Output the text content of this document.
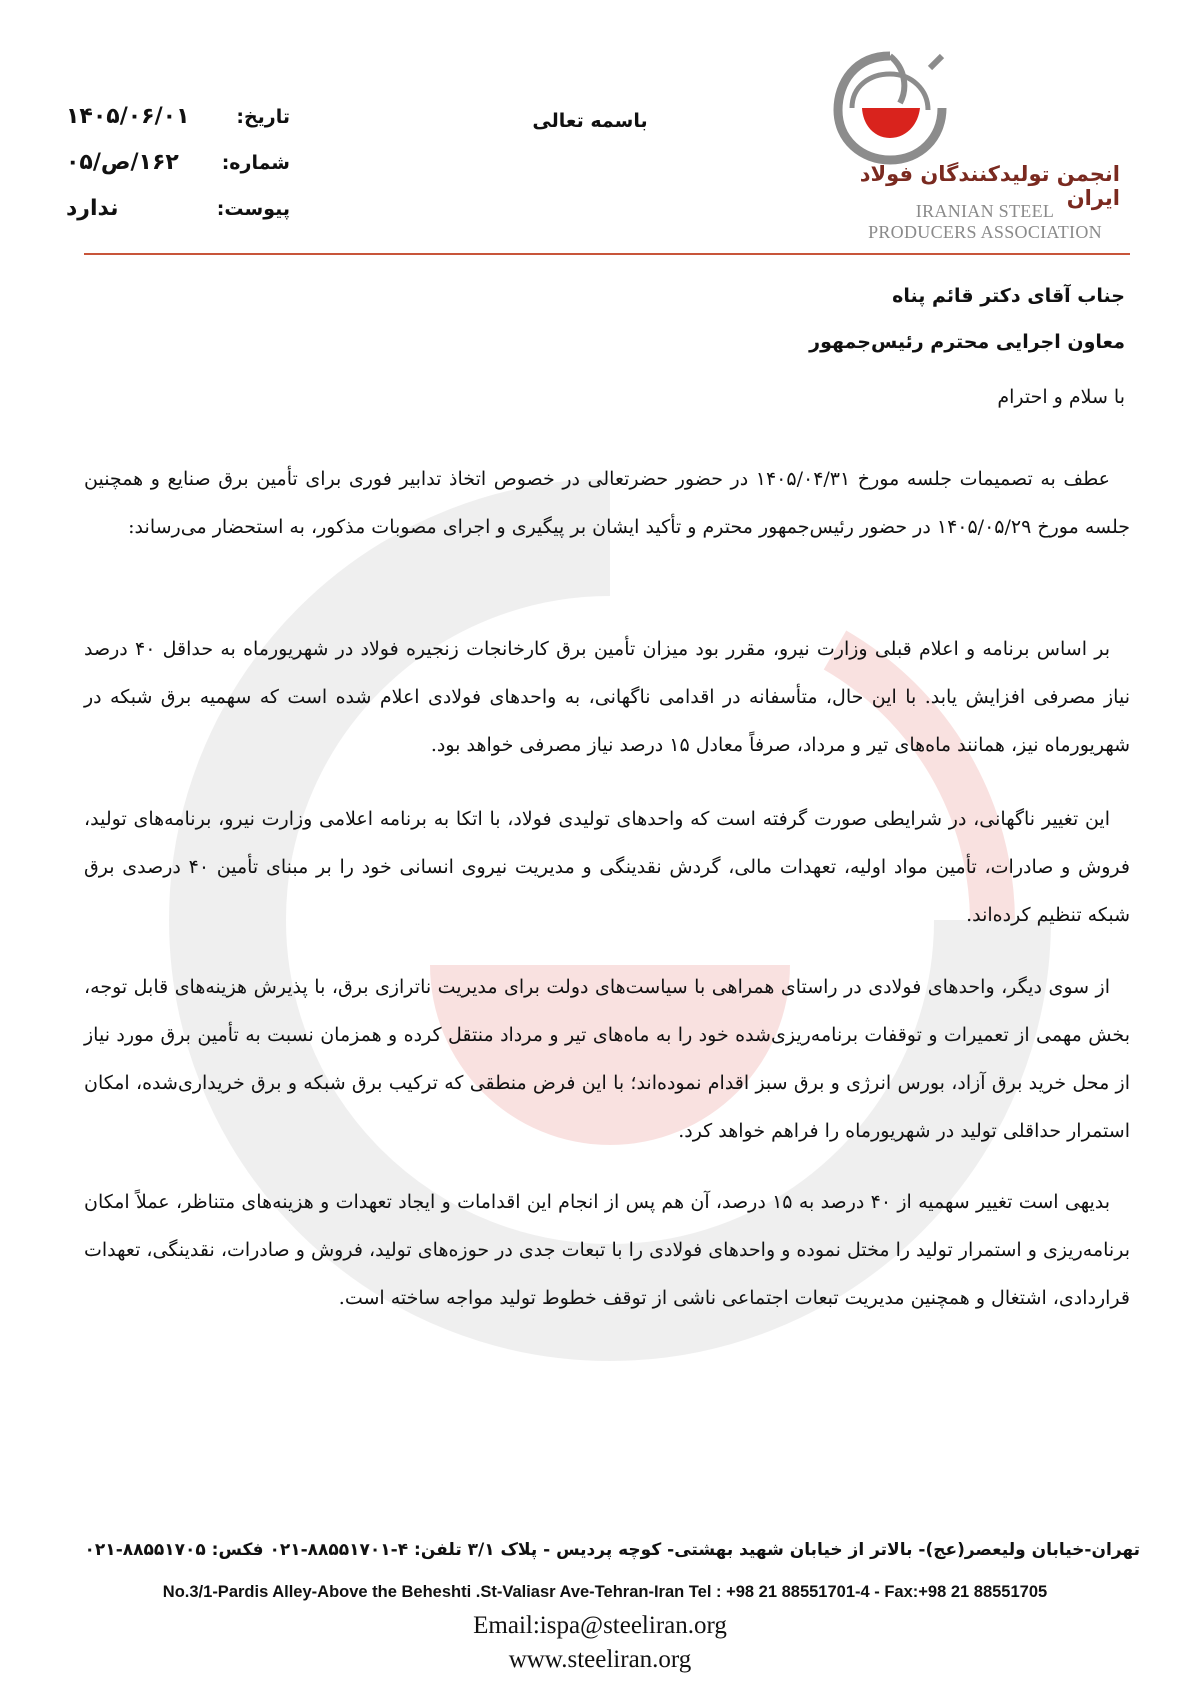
انجمن تولیدکنندگان فولاد ایران
IRANIAN STEEL
PRODUCERS ASSOCIATION
باسمه تعالی
تاریخ:
۱۴۰۵/۰۶/۰۱
شماره:
۱۶۲/ص/۰۵
پیوست:
ندارد
جناب آقای دکتر قائم پناه
معاون اجرایی محترم رئیس‌جمهور
با سلام و احترام

عطف به تصمیمات جلسه مورخ ۱۴۰۵/۰۴/۳۱ در حضور حضرتعالی در خصوص اتخاذ تدابیر فوری برای تأمین برق صنایع و همچنین جلسه مورخ ۱۴۰۵/۰۵/۲۹ در حضور رئیس‌جمهور محترم و تأکید ایشان بر پیگیری و اجرای مصوبات مذکور، به استحضار می‌رساند:

بر اساس برنامه و اعلام قبلی وزارت نیرو، مقرر بود میزان تأمین برق کارخانجات زنجیره فولاد در شهریورماه به حداقل ۴۰ درصد نیاز مصرفی افزایش یابد. با این حال، متأسفانه در اقدامی ناگهانی، به واحدهای فولادی اعلام شده است که سهمیه برق شبکه در شهریورماه نیز، همانند ماه‌های تیر و مرداد، صرفاً معادل ۱۵ درصد نیاز مصرفی خواهد بود.

این تغییر ناگهانی، در شرایطی صورت گرفته است که واحدهای تولیدی فولاد، با اتکا به برنامه اعلامی وزارت نیرو، برنامه‌های تولید، فروش و صادرات، تأمین مواد اولیه، تعهدات مالی، گردش نقدینگی و مدیریت نیروی انسانی خود را بر مبنای تأمین ۴۰ درصدی برق شبکه تنظیم کرده‌اند.

از سوی دیگر، واحدهای فولادی در راستای همراهی با سیاست‌های دولت برای مدیریت ناترازی برق، با پذیرش هزینه‌های قابل توجه، بخش مهمی از تعمیرات و توقفات برنامه‌ریزی‌شده خود را به ماه‌های تیر و مرداد منتقل کرده و همزمان نسبت به تأمین برق مورد نیاز از محل خرید برق آزاد، بورس انرژی و برق سبز اقدام نموده‌اند؛ با این فرض منطقی که ترکیب برق شبکه و برق خریداری‌شده، امکان استمرار حداقلی تولید در شهریورماه را فراهم خواهد کرد.

بدیهی است تغییر سهمیه از ۴۰ درصد به ۱۵ درصد، آن هم پس از انجام این اقدامات و ایجاد تعهدات و هزینه‌های متناظر، عملاً امکان برنامه‌ریزی و استمرار تولید را مختل نموده و واحدهای فولادی را با تبعات جدی در حوزه‌های تولید، فروش و صادرات، نقدینگی، تعهدات قراردادی، اشتغال و همچنین مدیریت تبعات اجتماعی ناشی از توقف خطوط تولید مواجه ساخته است.

تهران-خیابان ولیعصر(عج)- بالاتر از خیابان شهید بهشتی- کوچه پردیس - پلاک ۳/۱ تلفن: ۴-۸۸۵۵۱۷۰۱-۰۲۱ فکس: ۸۸۵۵۱۷۰۵-۰۲۱
No.3/1-Pardis Alley-Above the Beheshti .St-Valiasr Ave-Tehran-Iran Tel : +98 21 88551701-4 - Fax:+98 21 88551705
Email:ispa@steeliran.org
www.steeliran.org
